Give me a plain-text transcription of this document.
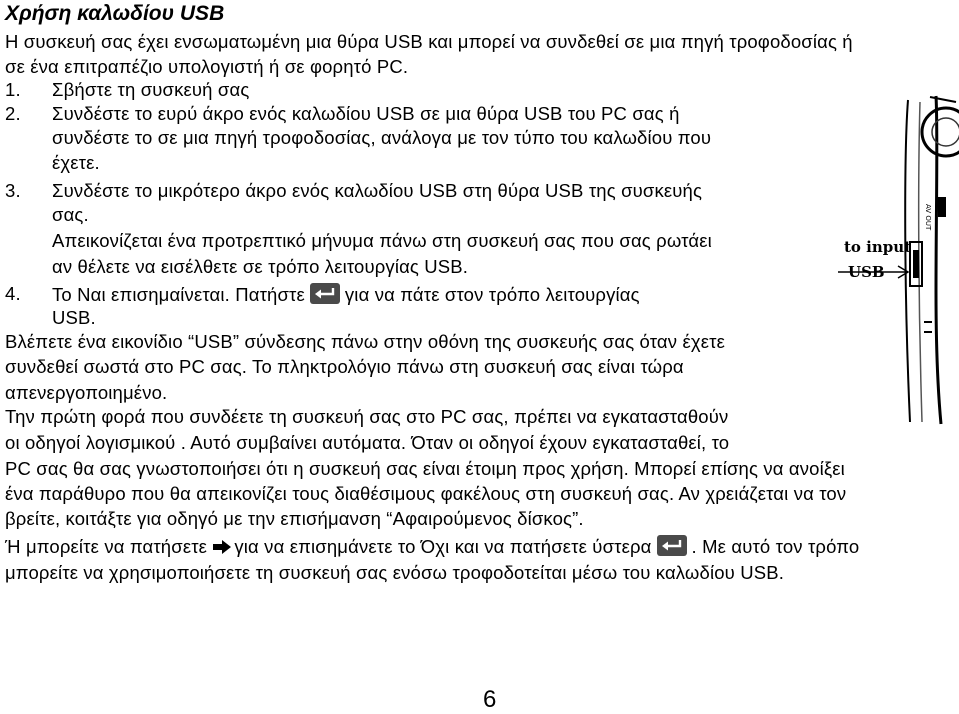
Χρήση καλωδίου USB
Η συσκευή σας έχει ενσωματωμένη μια θύρα USB και μπορεί να συνδεθεί σε μια πηγή τροφοδοσίας ή
σε ένα επιτραπέζιο υπολογιστή ή σε φορητό PC.
1. Σβήστε τη συσκευή σας
2. Συνδέστε το ευρύ άκρο ενός καλωδίου USB σε μια θύρα USB του PC σας ή
συνδέστε το σε μια πηγή τροφοδοσίας, ανάλογα με τον τύπο του καλωδίου που
έχετε.
3. Συνδέστε το μικρότερο άκρο ενός καλωδίου USB στη θύρα USB της συσκευής
σας.
Απεικονίζεται ένα προτρεπτικό μήνυμα πάνω στη συσκευή σας που σας ρωτάει
αν θέλετε να εισέλθετε σε τρόπο λειτουργίας USB.
4. Το Ναι επισημαίνεται. Πατήστε για να πάτε στον τρόπο λειτουργίας
USB.
Βλέπετε ένα εικονίδιο “USB” σύνδεσης πάνω στην οθόνη της συσκευής σας όταν έχετε
συνδεθεί σωστά στο PC σας. Το πληκτρολόγιο πάνω στη συσκευή σας είναι τώρα
απενεργοποιημένο.
Την πρώτη φορά που συνδέετε τη συσκευή σας στο PC σας, πρέπει να εγκατασταθούν
οι οδηγοί λογισμικού . Αυτό συμβαίνει αυτόματα. Όταν οι οδηγοί έχουν εγκατασταθεί, το
PC σας θα σας γνωστοποιήσει ότι η συσκευή σας είναι έτοιμη προς χρήση. Μπορεί επίσης να ανοίξει
ένα παράθυρο που θα απεικονίζει τους διαθέσιμους φακέλους στη συσκευή σας. Αν χρειάζεται να τον
βρείτε, κοιτάξτε για οδηγό με την επισήμανση “Αφαιρούμενος δίσκος”.
Ή μπορείτε να πατήσετε για να επισημάνετε το Όχι και να πατήσετε ύστερα . Με αυτό τον τρόπο
μπορείτε να χρησιμοποιήσετε τη συσκευή σας ενόσω τροφοδοτείται μέσω του καλωδίου USB.
to input
USB
AV OUT
6
